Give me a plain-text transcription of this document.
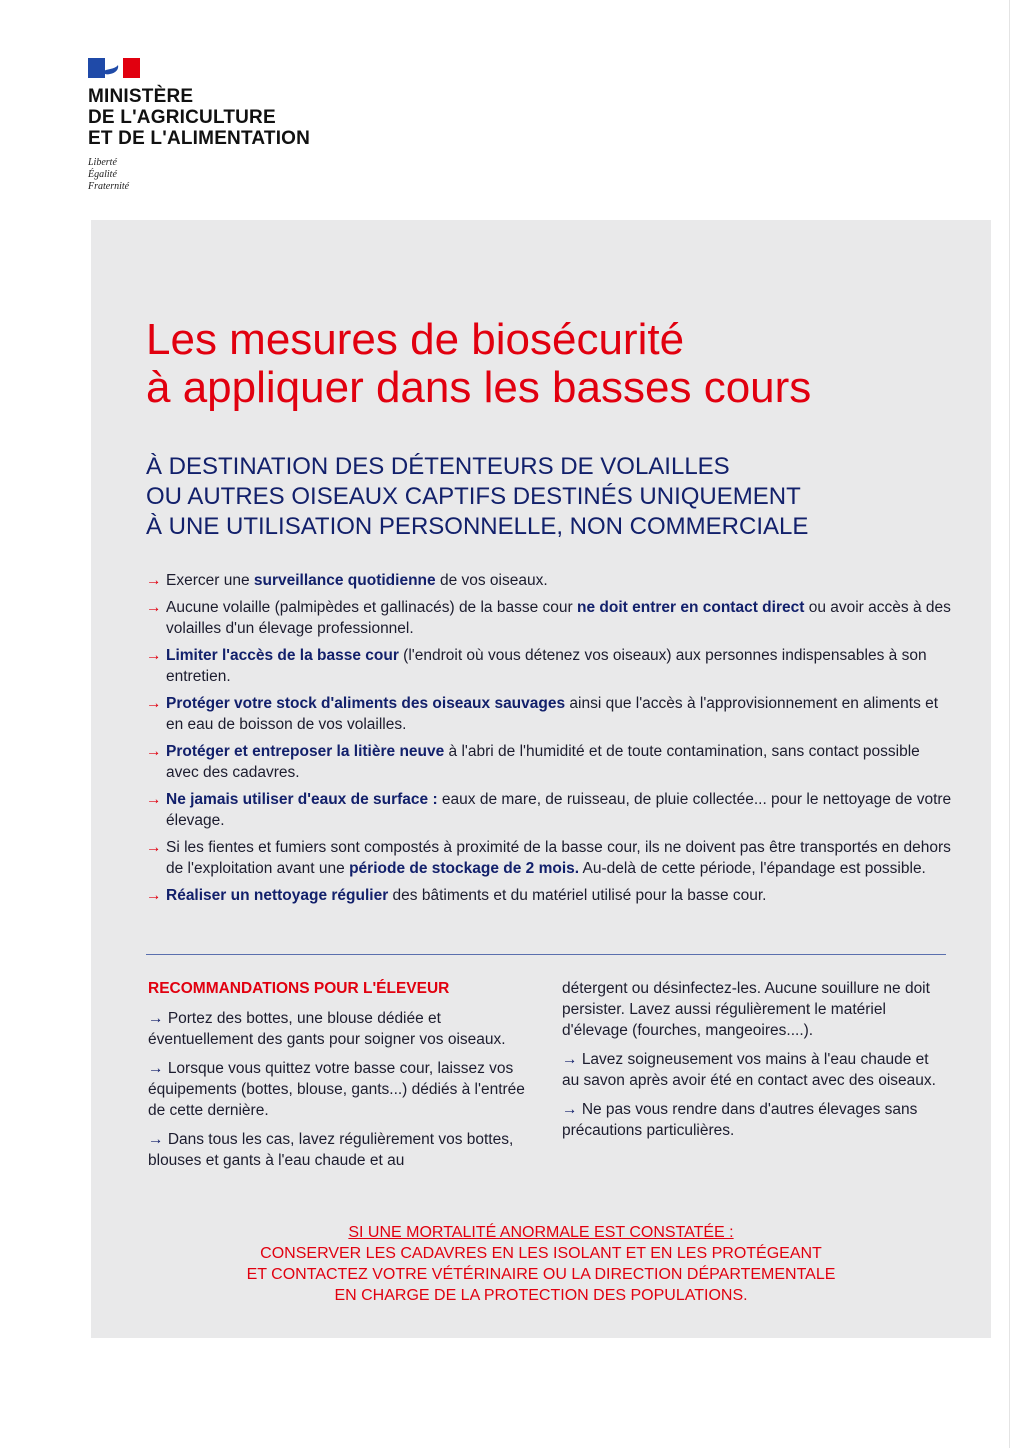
MINISTÈRE
DE L'AGRICULTURE
ET DE L'ALIMENTATION
Liberté
Égalité
Fraternité
Les mesures de biosécurité
à appliquer dans les basses cours
À DESTINATION DES DÉTENTEURS DE VOLAILLES
OU AUTRES OISEAUX CAPTIFS DESTINÉS UNIQUEMENT
À UNE UTILISATION PERSONNELLE, NON COMMERCIALE
→ Exercer une surveillance quotidienne de vos oiseaux.
→ Aucune volaille (palmipèdes et gallinacés) de la basse cour ne doit entrer en contact direct ou avoir accès à des volailles d'un élevage professionnel.
→ Limiter l'accès de la basse cour (l'endroit où vous détenez vos oiseaux) aux personnes indispensables à son entretien.
→ Protéger votre stock d'aliments des oiseaux sauvages ainsi que l'accès à l'approvisionnement en aliments et en eau de boisson de vos volailles.
→ Protéger et entreposer la litière neuve à l'abri de l'humidité et de toute contamination, sans contact possible avec des cadavres.
→ Ne jamais utiliser d'eaux de surface : eaux de mare, de ruisseau, de pluie collectée... pour le nettoyage de votre élevage.
→ Si les fientes et fumiers sont compostés à proximité de la basse cour, ils ne doivent pas être transportés en dehors de l'exploitation avant une période de stockage de 2 mois. Au-delà de cette période, l'épandage est possible.
→ Réaliser un nettoyage régulier des bâtiments et du matériel utilisé pour la basse cour.
RECOMMANDATIONS POUR L'ÉLEVEUR
→ Portez des bottes, une blouse dédiée et éventuellement des gants pour soigner vos oiseaux.
→ Lorsque vous quittez votre basse cour, laissez vos équipements (bottes, blouse, gants...) dédiés à l'entrée de cette dernière.
→ Dans tous les cas, lavez régulièrement vos bottes, blouses et gants à l'eau chaude et au
détergent ou désinfectez-les. Aucune souillure ne doit persister. Lavez aussi régulièrement le matériel d'élevage (fourches, mangeoires....).
→ Lavez soigneusement vos mains à l'eau chaude et au savon après avoir été en contact avec des oiseaux.
→ Ne pas vous rendre dans d'autres élevages sans précautions particulières.
SI UNE MORTALITÉ ANORMALE EST CONSTATÉE :
CONSERVER LES CADAVRES EN LES ISOLANT ET EN LES PROTÉGEANT
ET CONTACTEZ VOTRE VÉTÉRINAIRE OU LA DIRECTION DÉPARTEMENTALE
EN CHARGE DE LA PROTECTION DES POPULATIONS.
